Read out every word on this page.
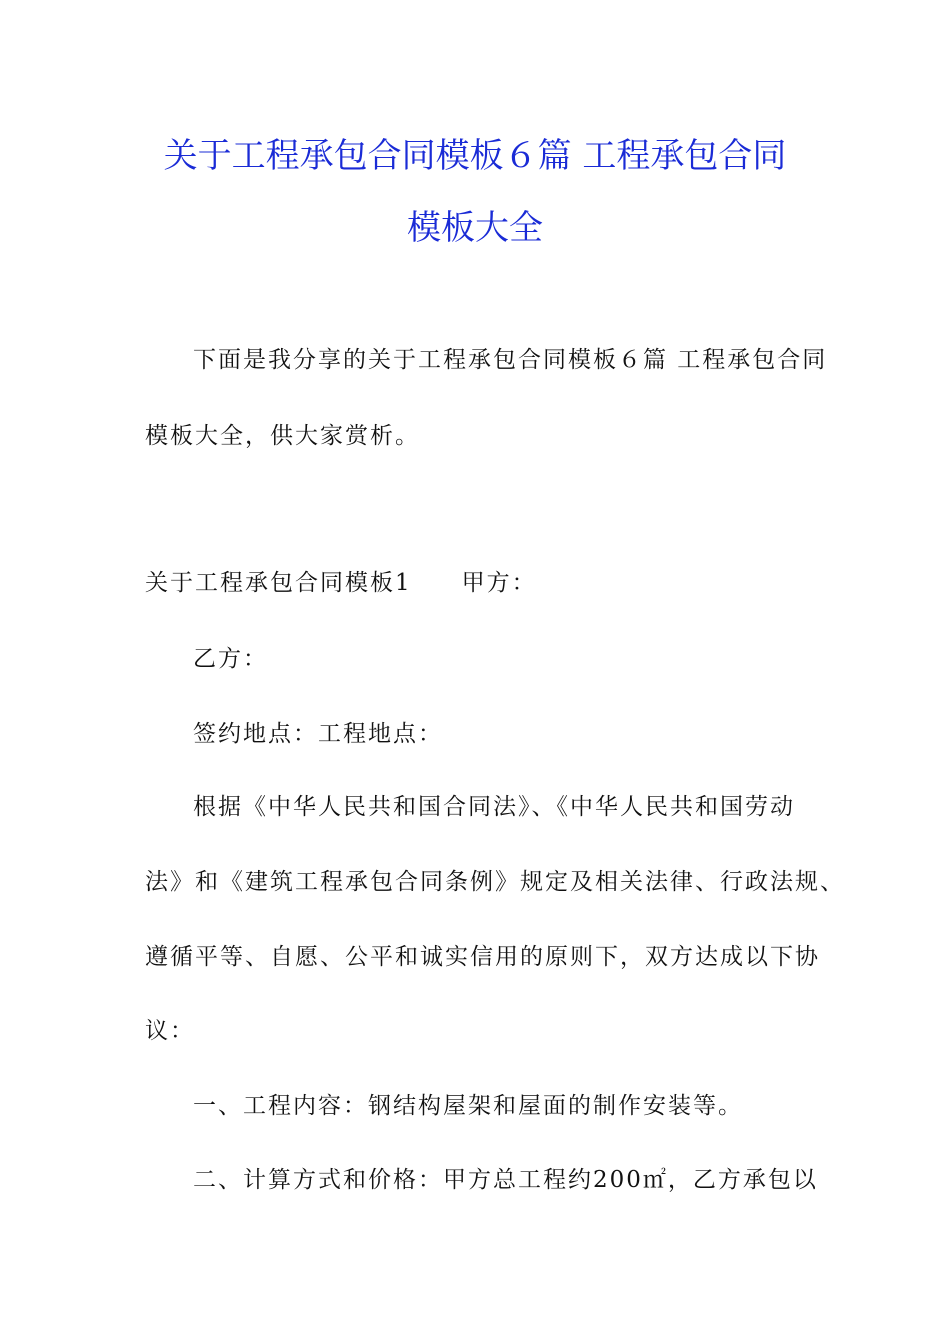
关于工程承包合同模板６篇 工程承包合同
模板大全
下面是我分享的关于工程承包合同模板６篇 工程承包合同
模板大全，供大家赏析。
关于工程承包合同模板1 甲方：
乙方：
签约地点：工程地点：
根据《中华人民共和国合同法》、《中华人民共和国劳动
法》和《建筑工程承包合同条例》规定及相关法律、行政法规、
遵循平等、自愿、公平和诚实信用的原则下，双方达成以下协
议：
一、工程内容：钢结构屋架和屋面的制作安装等。
二、计算方式和价格：甲方总工程约200㎡，乙方承包以
